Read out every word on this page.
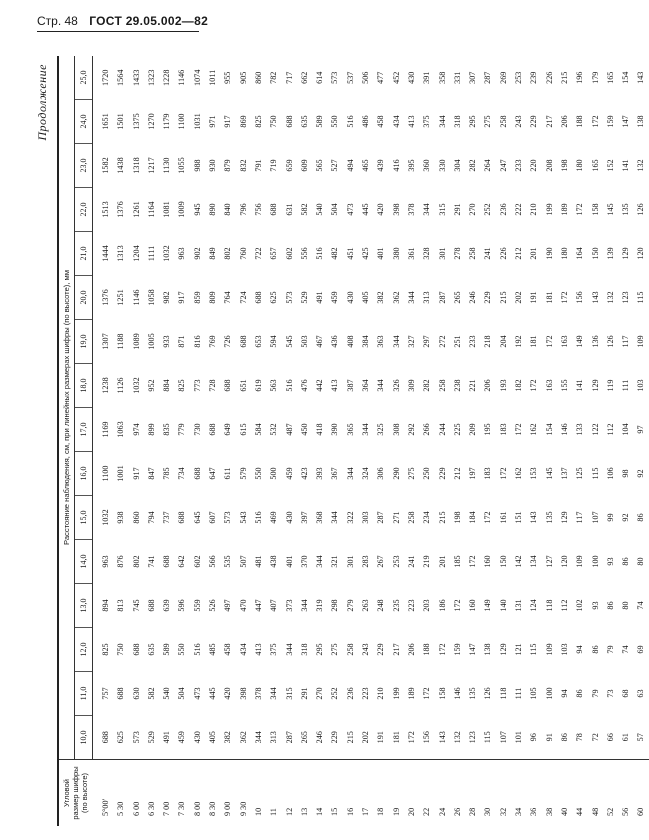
Стр. 48 ГОСТ 29.05.002—82
Продолжение
Угловой размер шифры (по высоте)	Расстояние наблюдения, см, при линейных размерах шифры (по высоте), мм															
	10,0	11,0	12,0	13,0	14,0	15,0	16,0	17,0	18,0	19,0	20,0	21,0	22,0	23,0	24,0	25,0
5°00′	688	757	825	894	963	1032	1100	1169	1238	1307	1376	1444	1513	1582	1651	1720
5 30	625	688	750	813	876	938	1001	1063	1126	1188	1251	1313	1376	1438	1501	1564
6 00	573	630	688	745	802	860	917	974	1032	1089	1146	1204	1261	1318	1375	1433
6 30	529	582	635	688	741	794	847	899	952	1005	1058	1111	1164	1217	1270	1323
7 00	491	540	589	639	688	737	785	835	884	933	982	1032	1081	1130	1179	1228
7 30	459	504	550	596	642	688	734	779	825	871	917	963	1009	1055	1100	1146
8 00	430	473	516	559	602	645	688	730	773	816	859	902	945	988	1031	1074
8 30	405	445	485	526	566	607	647	688	728	769	809	849	890	930	971	1011
9 00	382	420	458	497	535	573	611	649	688	726	764	802	840	879	917	955
9 30	362	398	434	470	507	543	579	615	651	688	724	760	796	832	869	905
10	344	378	413	447	481	516	550	584	619	653	688	722	756	791	825	860
11	313	344	375	407	438	469	500	532	563	594	625	657	688	719	750	782
12	287	315	344	373	401	430	459	487	516	545	573	602	631	659	688	717
13	265	291	318	344	370	397	423	450	476	503	529	556	582	609	635	662
14	246	270	295	319	344	368	393	418	442	467	491	516	540	565	589	614
15	229	252	275	298	321	344	367	390	413	436	459	482	504	527	550	573
16	215	236	258	279	301	322	344	365	387	408	430	451	473	494	516	537
17	202	223	243	263	283	303	324	344	364	384	405	425	445	465	486	506
18	191	210	229	248	267	287	306	325	344	363	382	401	420	439	458	477
19	181	199	217	235	253	271	290	308	326	344	362	380	398	416	434	452
20	172	189	206	223	241	258	275	292	309	327	344	361	378	395	413	430
22	156	172	188	203	219	234	250	266	282	297	313	328	344	360	375	391
24	143	158	172	186	201	215	229	244	258	272	287	301	315	330	344	358
26	132	146	159	172	185	198	212	225	238	251	265	278	291	304	318	331
28	123	135	147	160	172	184	197	209	221	233	246	258	270	282	295	307
30	115	126	138	149	160	172	183	195	206	218	229	241	252	264	275	287
32	107	118	129	140	150	161	172	183	193	204	215	226	236	247	258	269
34	101	111	121	131	142	151	162	172	182	192	202	212	222	233	243	253
36	96	105	115	124	134	143	153	162	172	181	191	201	210	220	229	239
38	91	100	109	118	127	135	145	154	163	172	181	190	199	208	217	226
40	86	94	103	112	120	129	137	146	155	163	172	180	189	198	206	215
44	78	86	94	102	109	117	125	133	141	149	156	164	172	180	188	196
48	72	79	86	93	100	107	115	122	129	136	143	150	158	165	172	179
52	66	73	79	86	93	99	106	112	119	126	132	139	145	152	159	165
56	61	68	74	80	86	92	98	104	111	117	123	129	135	141	147	154
60	57	63	69	74	80	86	92	97	103	109	115	120	126	132	138	143
